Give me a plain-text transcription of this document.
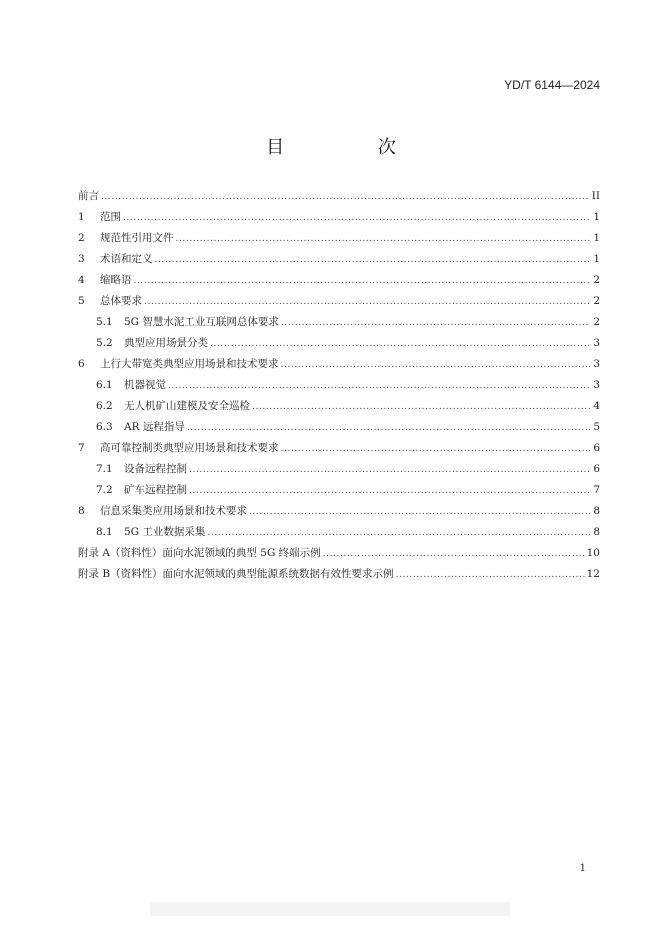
YD/T 6144—2024
目 次
前言 .....	II
1	范围 .....	1
2	规范性引用文件 .....	1
3	术语和定义 .....	1
4	缩略语 .....	2
5	总体要求 .....	2
5.1	5G 智慧水泥工业互联网总体要求 .....	2
5.2	典型应用场景分类 .....	3
6	上行大带宽类典型应用场景和技术要求 .....	3
6.1	机器视觉 .....	3
6.2	无人机矿山建模及安全巡检 .....	4
6.3	AR 远程指导 .....	5
7	高可靠控制类典型应用场景和技术要求 .....	6
7.1	设备远程控制 .....	6
7.2	矿车远程控制 .....	7
8	信息采集类应用场景和技术要求 .....	8
8.1	5G 工业数据采集 .....	8
附录 A（资料性）面向水泥领域的典型 5G 终端示例 .....	10
附录 B（资料性）面向水泥领域的典型能源系统数据有效性要求示例 .....	12
1
